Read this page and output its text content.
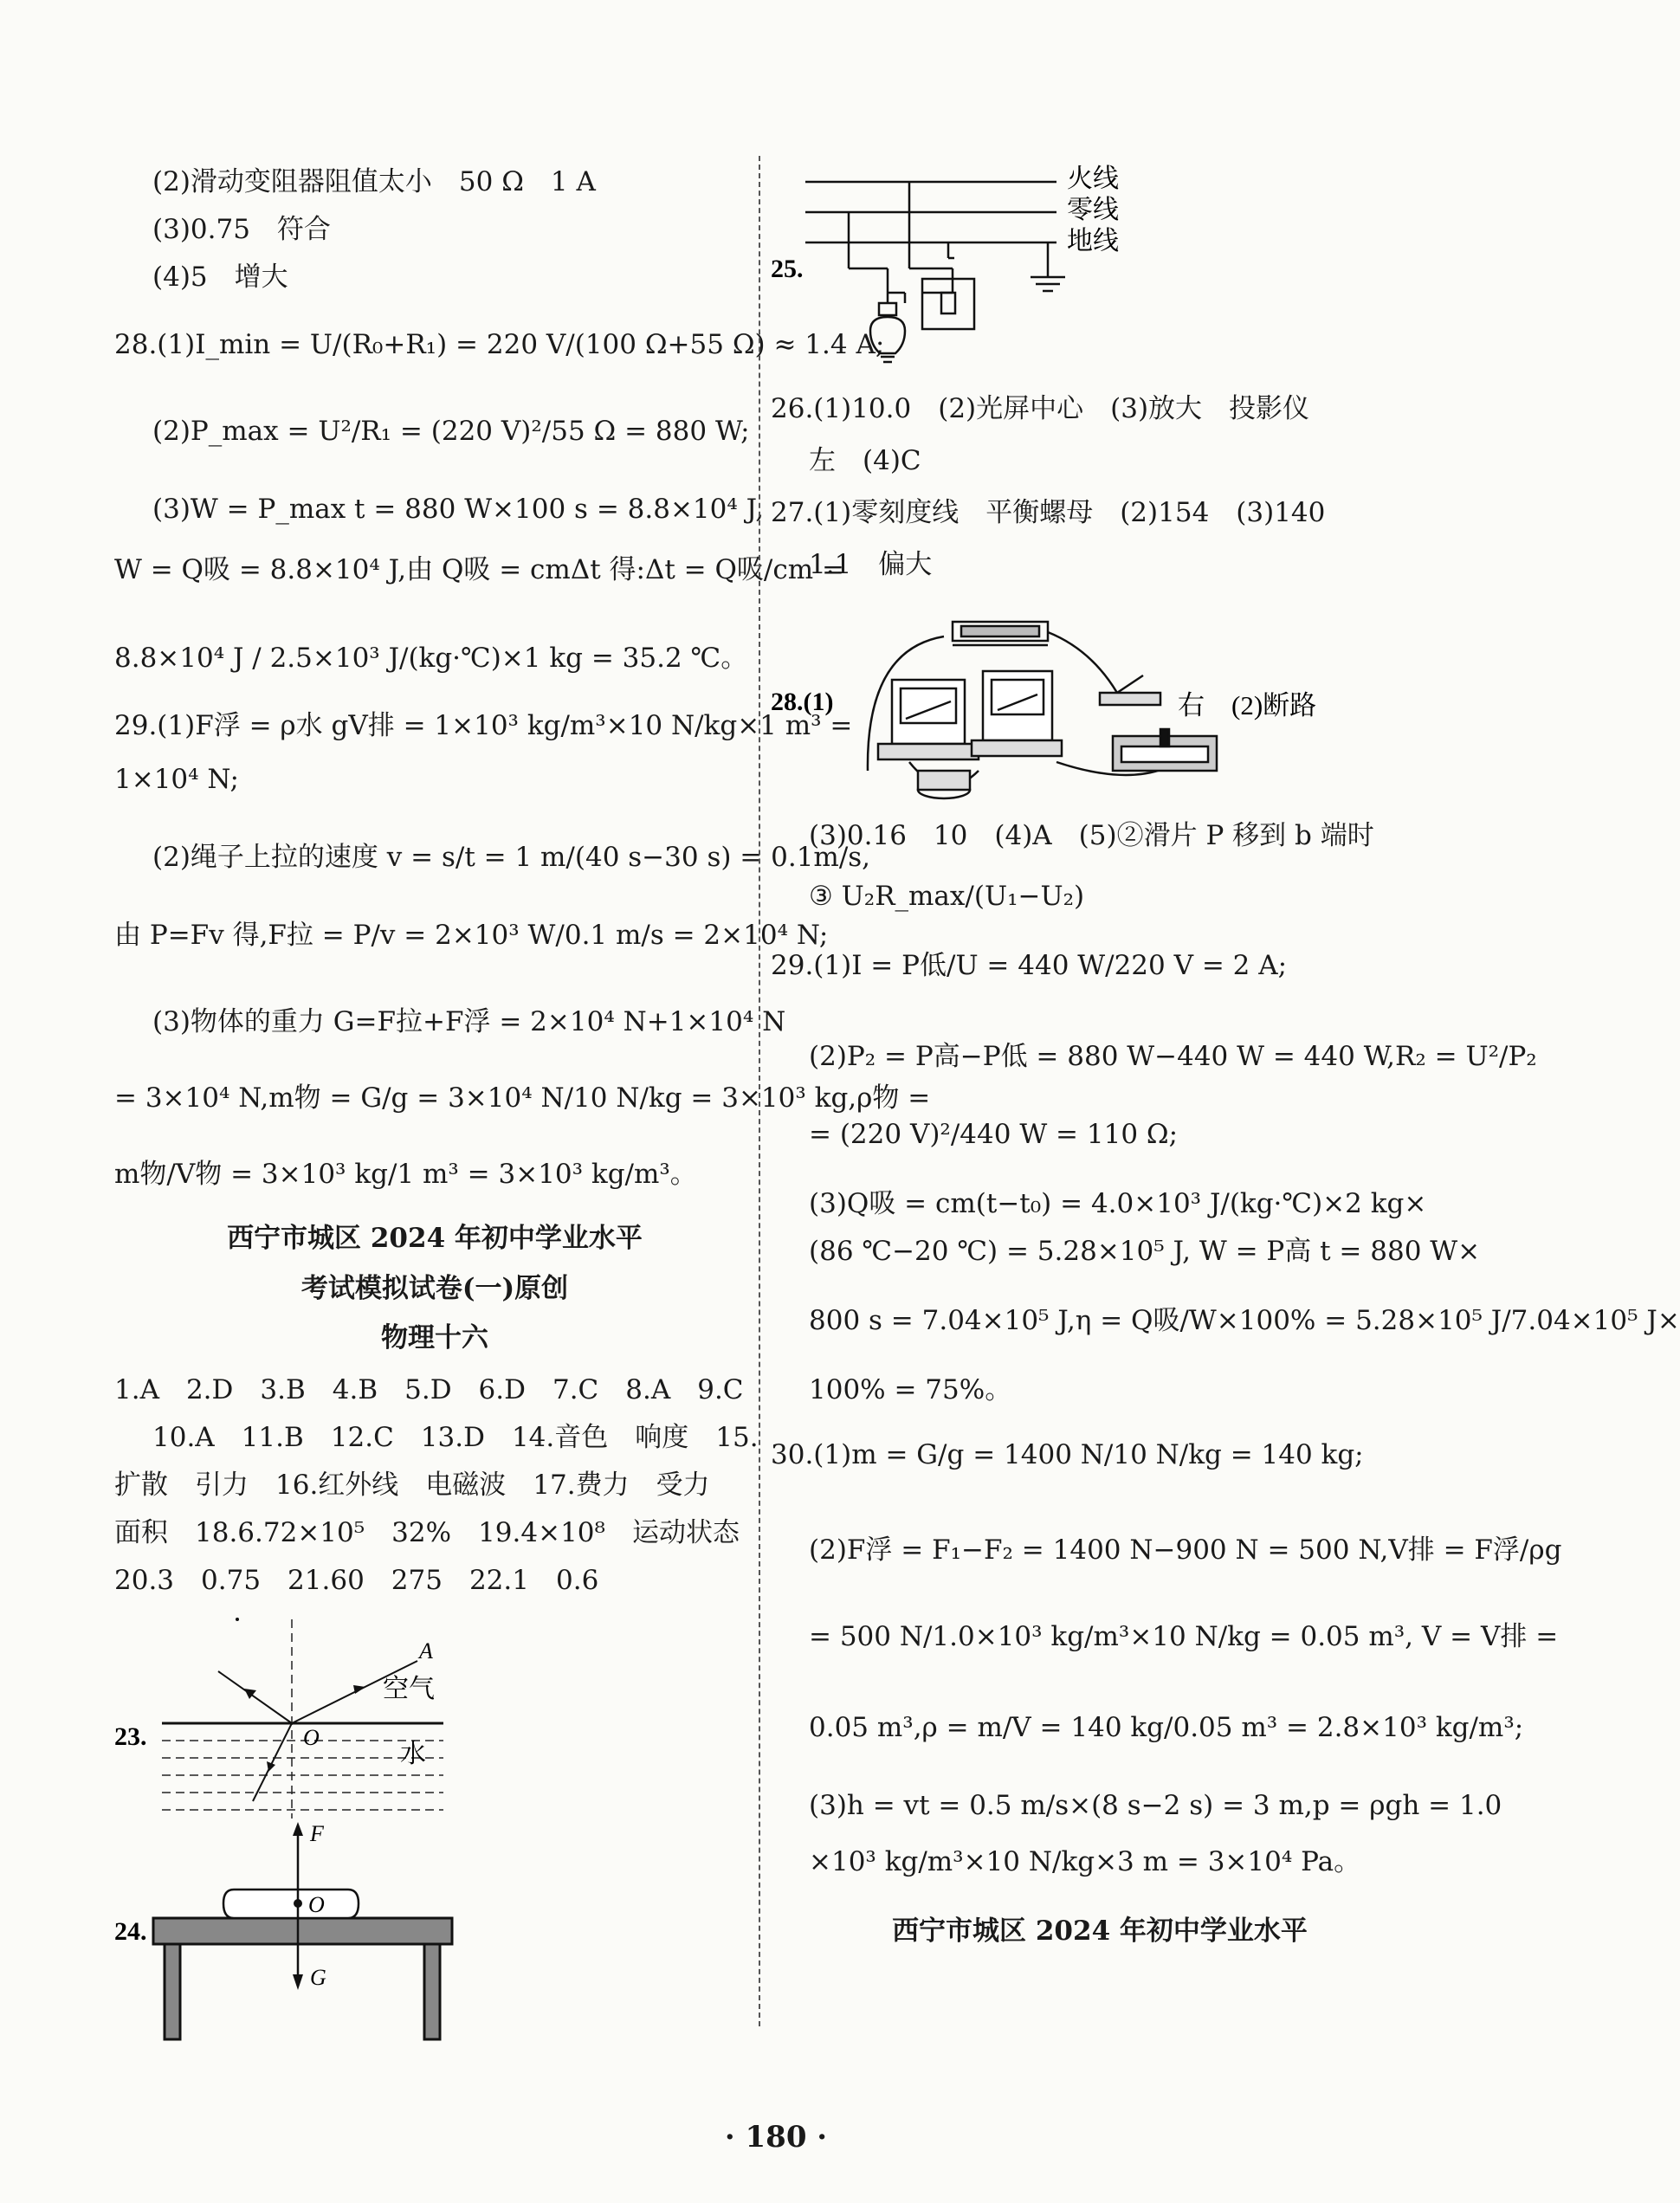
(2)滑动变阻器阻值太小　50 Ω　1 A
(3)0.75　符合
(4)5　增大
28.(1)I_min = U/(R₀+R₁) = 220 V/(100 Ω+55 Ω) ≈ 1.4 A;
(2)P_max = U²/R₁ = (220 V)²/55 Ω = 880 W;
(3)W = P_max t = 880 W×100 s = 8.8×10⁴ J,
W = Q吸 = 8.8×10⁴ J,由 Q吸 = cmΔt 得:Δt = Q吸/cm =
8.8×10⁴ J / 2.5×10³ J/(kg·℃)×1 kg = 35.2 ℃。
29.(1)F浮 = ρ水 gV排 = 1×10³ kg/m³×10 N/kg×1 m³ =
1×10⁴ N;
(2)绳子上拉的速度 v = s/t = 1 m/(40 s−30 s) = 0.1m/s,
由 P=Fv 得,F拉 = P/v = 2×10³ W/0.1 m/s = 2×10⁴ N;
(3)物体的重力 G=F拉+F浮 = 2×10⁴ N+1×10⁴ N
= 3×10⁴ N,m物 = G/g = 3×10⁴ N/10 N/kg = 3×10³ kg,ρ物 =
m物/V物 = 3×10³ kg/1 m³ = 3×10³ kg/m³。
西宁市城区 2024 年初中学业水平
考试模拟试卷(一)原创
物理十六
1.A　2.D　3.B　4.B　5.D　6.D　7.C　8.A　9.C
10.A　11.B　12.C　13.D　14.音色　响度　15.
扩散　引力　16.红外线　电磁波　17.费力　受力
面积　18.6.72×10⁵　32%　19.4×10⁸　运动状态
20.3　0.75　21.60　275　22.1　0.6
23.
A
O
空气
水
24.
F
O
G
25.
火线
零线
地线
26.(1)10.0　(2)光屏中心　(3)放大　投影仪
左　(4)C
27.(1)零刻度线　平衡螺母　(2)154　(3)140
1.1　偏大
28.(1)	右　(2)断路
(3)0.16　10　(4)A　(5)②滑片 P 移到 b 端时
③ U₂R_max/(U₁−U₂)
29.(1)I = P低/U = 440 W/220 V = 2 A;
(2)P₂ = P高−P低 = 880 W−440 W = 440 W,R₂ = U²/P₂
= (220 V)²/440 W = 110 Ω;
(3)Q吸 = cm(t−t₀) = 4.0×10³ J/(kg·℃)×2 kg×
(86 ℃−20 ℃) = 5.28×10⁵ J, W = P高 t = 880 W×
800 s = 7.04×10⁵ J,η = Q吸/W×100% = 5.28×10⁵ J/7.04×10⁵ J×
100% = 75%。
30.(1)m = G/g = 1400 N/10 N/kg = 140 kg;
(2)F浮 = F₁−F₂ = 1400 N−900 N = 500 N,V排 = F浮/ρg
= 500 N/1.0×10³ kg/m³×10 N/kg = 0.05 m³, V = V排 =
0.05 m³,ρ = m/V = 140 kg/0.05 m³ = 2.8×10³ kg/m³;
(3)h = vt = 0.5 m/s×(8 s−2 s) = 3 m,p = ρgh = 1.0
×10³ kg/m³×10 N/kg×3 m = 3×10⁴ Pa。
西宁市城区 2024 年初中学业水平
· 180 ·
